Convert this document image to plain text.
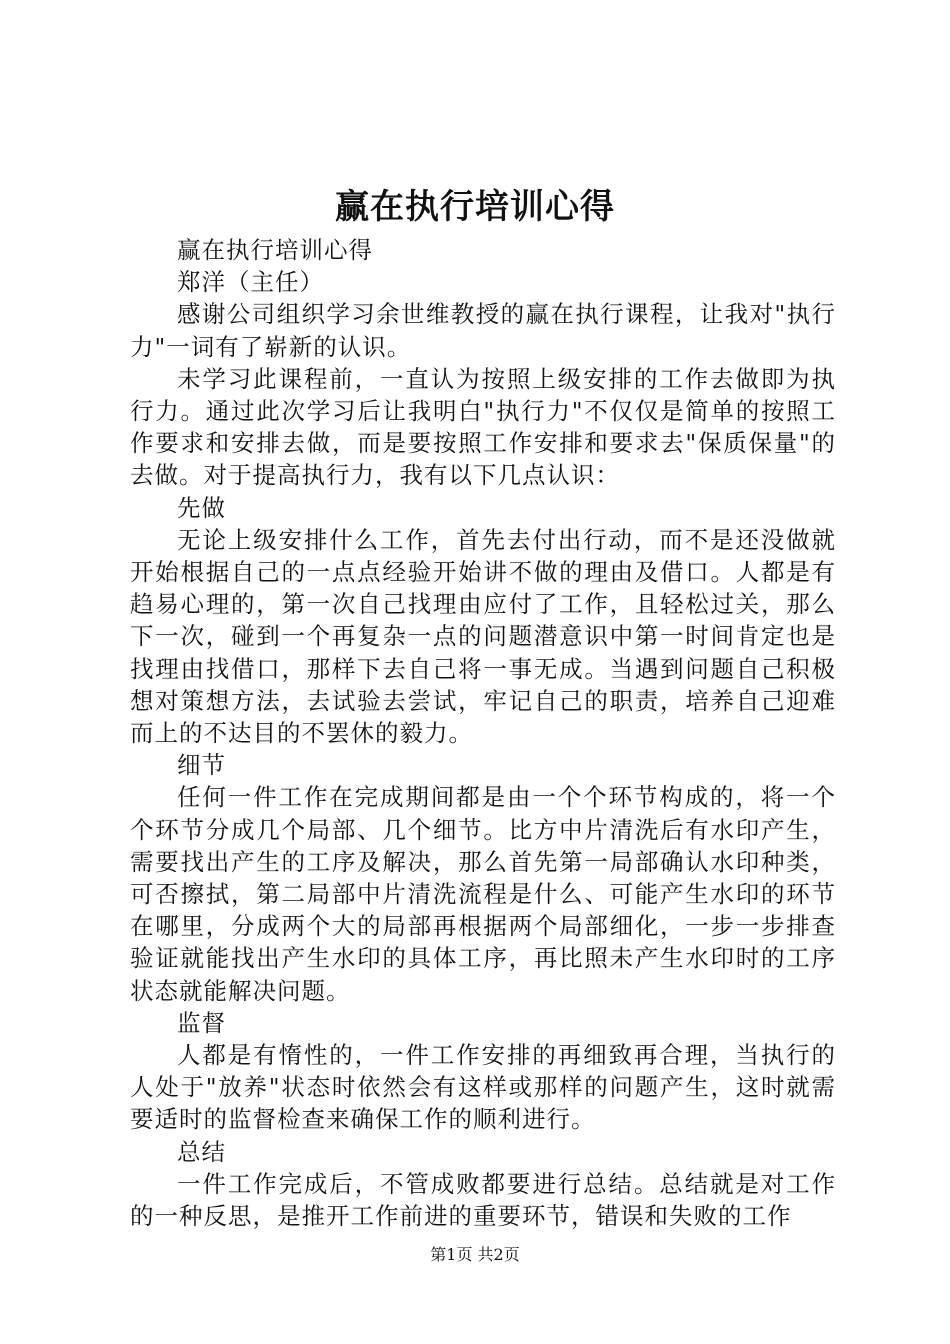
赢在执行培训心得

赢在执行培训心得

郑洋（主任）

感谢公司组织学习余世维教授的赢在执行课程，让我对"执行力"一词有了崭新的认识。

未学习此课程前，一直认为按照上级安排的工作去做即为执行力。通过此次学习后让我明白"执行力"不仅仅是简单的按照工作要求和安排去做，而是要按照工作安排和要求去"保质保量"的去做。对于提高执行力，我有以下几点认识：

先做

无论上级安排什么工作，首先去付出行动，而不是还没做就开始根据自己的一点点经验开始讲不做的理由及借口。人都是有趋易心理的，第一次自己找理由应付了工作，且轻松过关，那么下一次，碰到一个再复杂一点的问题潜意识中第一时间肯定也是找理由找借口，那样下去自己将一事无成。当遇到问题自己积极想对策想方法，去试验去尝试，牢记自己的职责，培养自己迎难而上的不达目的不罢休的毅力。

细节

任何一件工作在完成期间都是由一个个环节构成的，将一个个环节分成几个局部、几个细节。比方中片清洗后有水印产生，需要找出产生的工序及解决，那么首先第一局部确认水印种类，可否擦拭，第二局部中片清洗流程是什么、可能产生水印的环节在哪里，分成两个大的局部再根据两个局部细化，一步一步排查验证就能找出产生水印的具体工序，再比照未产生水印时的工序状态就能解决问题。

监督

人都是有惰性的，一件工作安排的再细致再合理，当执行的人处于"放养"状态时依然会有这样或那样的问题产生，这时就需要适时的监督检查来确保工作的顺利进行。

总结

一件工作完成后，不管成败都要进行总结。总结就是对工作的一种反思，是推开工作前进的重要环节，错误和失败的工作

第1页 共2页
